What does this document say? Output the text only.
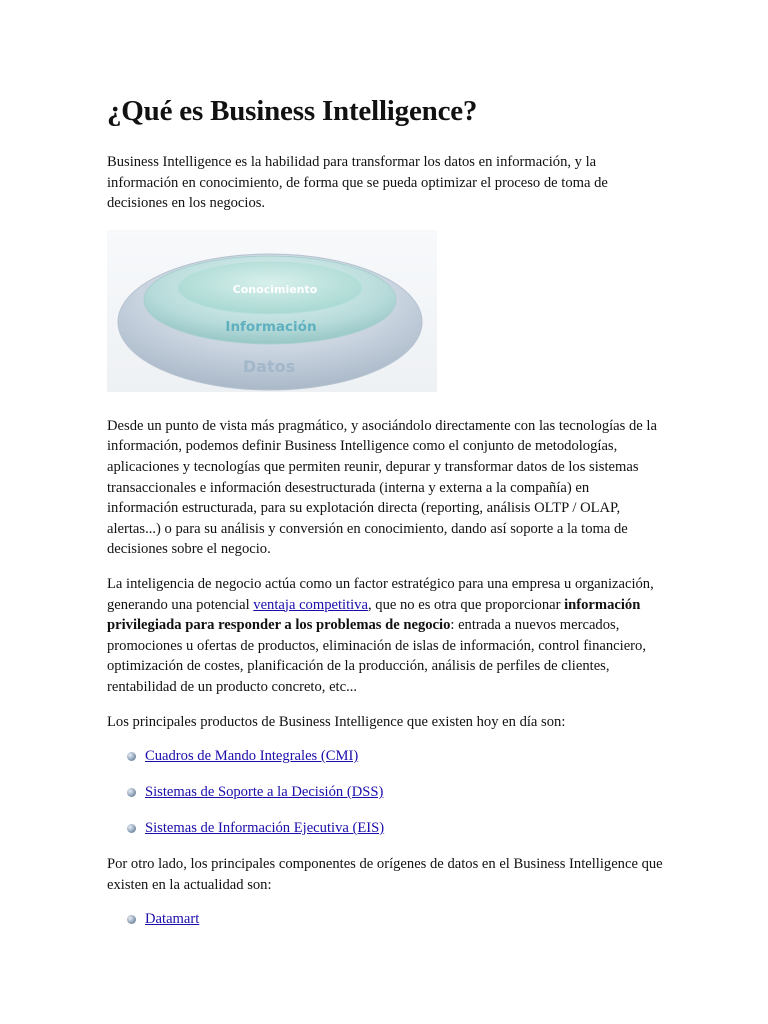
¿Qué es Business Intelligence?

Business Intelligence es la habilidad para transformar los datos en información, y la información en conocimiento, de forma que se pueda optimizar el proceso de toma de decisiones en los negocios.

Conocimiento
Información
Datos

Desde un punto de vista más pragmático, y asociándolo directamente con las tecnologías de la información, podemos definir Business Intelligence como el conjunto de metodologías, aplicaciones y tecnologías que permiten reunir, depurar y transformar datos de los sistemas transaccionales e información desestructurada (interna y externa a la compañía) en información estructurada, para su explotación directa (reporting, análisis OLTP / OLAP, alertas...) o para su análisis y conversión en conocimiento, dando así soporte a la toma de decisiones sobre el negocio.

La inteligencia de negocio actúa como un factor estratégico para una empresa u organización, generando una potencial ventaja competitiva, que no es otra que proporcionar información privilegiada para responder a los problemas de negocio: entrada a nuevos mercados, promociones u ofertas de productos, eliminación de islas de información, control financiero, optimización de costes, planificación de la producción, análisis de perfiles de clientes, rentabilidad de un producto concreto, etc...

Los principales productos de Business Intelligence que existen hoy en día son:

Cuadros de Mando Integrales (CMI)
Sistemas de Soporte a la Decisión (DSS)
Sistemas de Información Ejecutiva (EIS)

Por otro lado, los principales componentes de orígenes de datos en el Business Intelligence que existen en la actualidad son:

Datamart
